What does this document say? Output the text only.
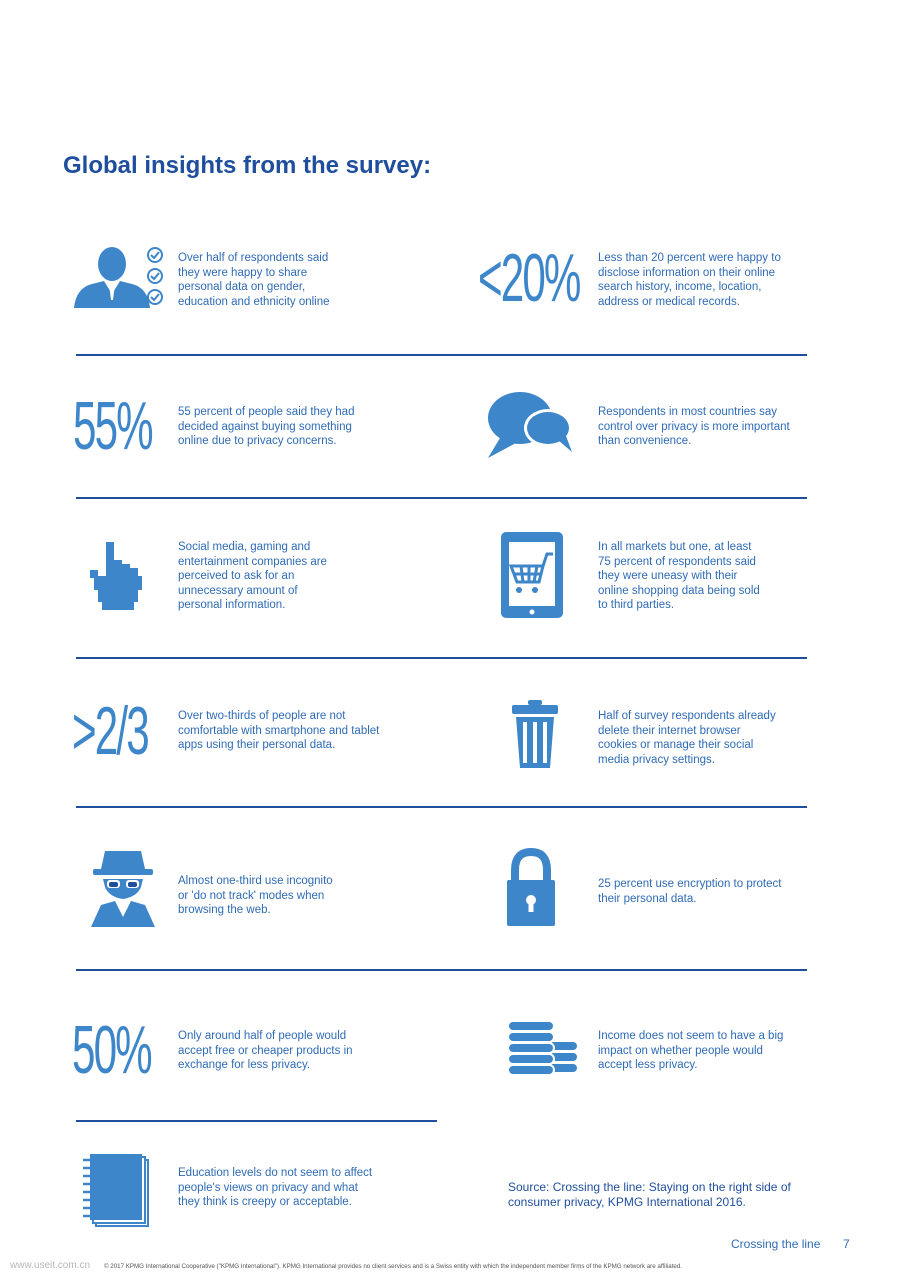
Global insights from the survey:
Over half of respondents said
they were happy to share
personal data on gender,
education and ethnicity online <20% Less than 20 percent were happy to
disclose information on their online
search history, income, location,
address or medical records.
55% 55 percent of people said they had
decided against buying something
online due to privacy concerns.
Respondents in most countries say
control over privacy is more important
than convenience.
Social media, gaming and
entertainment companies are
perceived to ask for an
unnecessary amount of
personal information.
In all markets but one, at least
75 percent of respondents said
they were uneasy with their
online shopping data being sold
to third parties.
>2/3	Over two-thirds of people are not
comfortable with smartphone and tablet
apps using their personal data.
Half of survey respondents already
delete their internet browser
cookies or manage their social
media privacy settings.
Almost one-third use incognito
or 'do not track' modes when
browsing the web.
25 percent use encryption to protect
their personal data.
50% Only around half of people would
accept free or cheaper products in
exchange for less privacy.
Income does not seem to have a big
impact on whether people would
accept less privacy.
Education levels do not seem to affect
people's views on privacy and what
they think is creepy or acceptable.
Source: Crossing the line: Staying on the right side of
consumer privacy, KPMG International 2016.
Crossing the line 7
www.useit.com.cn © 2017 KPMG International Cooperative ("KPMG International"). KPMG International provides no client services and is a Swiss entity with which the independent member firms of the KPMG network are affiliated.
